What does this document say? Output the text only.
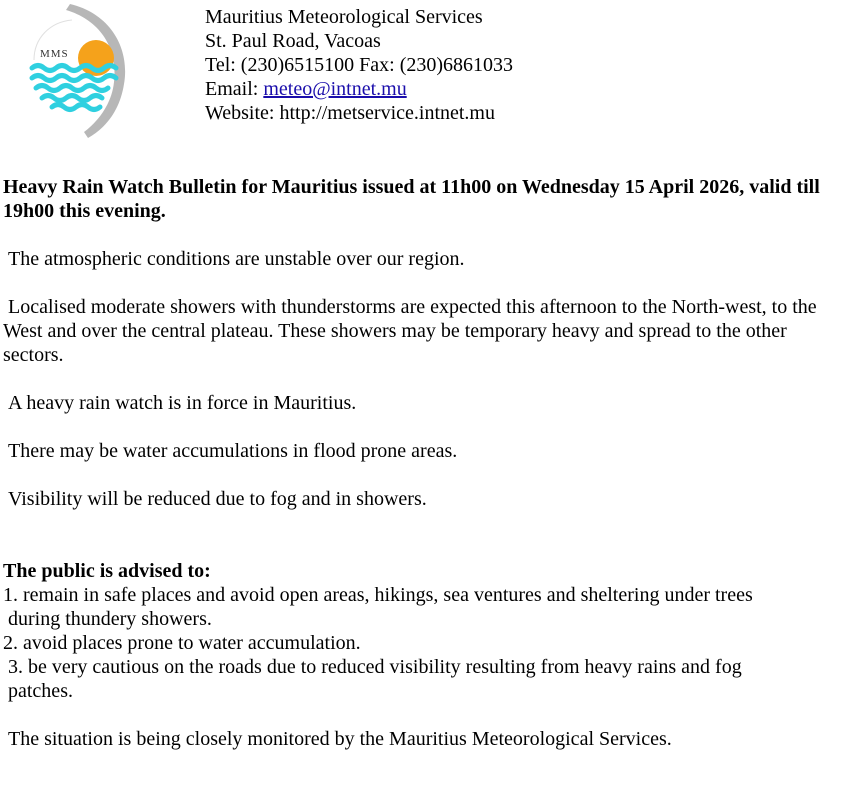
MMS
Mauritius Meteorological Services
St. Paul Road, Vacoas
Tel: (230)6515100 Fax: (230)6861033
Email: meteo@intnet.mu
Website: http://metservice.intnet.mu
Heavy Rain Watch Bulletin for Mauritius issued at 11h00 on Wednesday 15 April 2026, valid till 19h00 this evening.
The atmospheric conditions are unstable over our region.
Localised moderate showers with thunderstorms are expected this afternoon to the North-west, to the West and over the central plateau. These showers may be temporary heavy and spread to the other sectors.
A heavy rain watch is in force in Mauritius.
There may be water accumulations in flood prone areas.
Visibility will be reduced due to fog and in showers.
The public is advised to:
1. remain in safe places and avoid open areas, hikings, sea ventures and sheltering under trees
during thundery showers.
2. avoid places prone to water accumulation.
3. be very cautious on the roads due to reduced visibility resulting from heavy rains and fog
patches.
The situation is being closely monitored by the Mauritius Meteorological Services.
